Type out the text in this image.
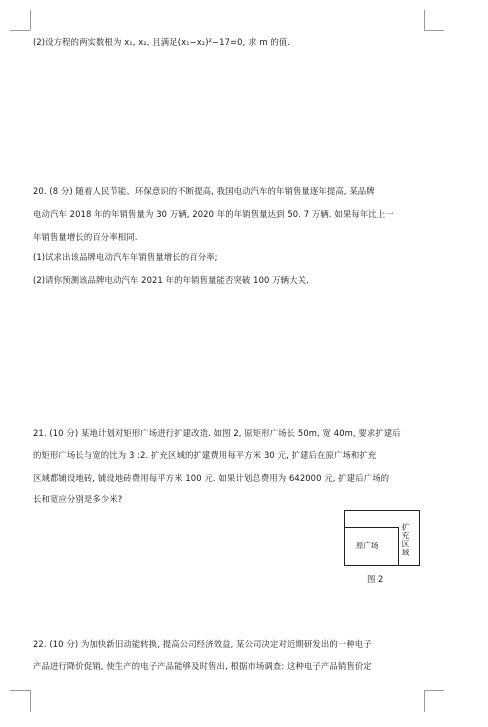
(2)设方程的两实数根为 x₁, x₂, 且满足(x₁−x₂)²−17=0, 求 m 的值.
20. (8 分) 随着人民节能、环保意识的不断提高, 我国电动汽车的年销售量逐年提高, 某品牌
电动汽车 2018 年的年销售量为 30 万辆, 2020 年的年销售量达到 50. 7 万辆. 如果每年比上一
年销售量增长的百分率相同.
(1)试求出该品牌电动汽车年销售量增长的百分率;
(2)请你预测该品牌电动汽车 2021 年的年销售量能否突破 100 万辆大关.
21. (10 分) 某地计划对矩形广场进行扩建改造. 如图 2, 原矩形广场长 50m, 宽 40m, 要求扩建后
的矩形广场长与宽的比为 3 :2. 扩充区域的扩建费用每平方米 30 元, 扩建后在原广场和扩充
区域都铺设地砖, 铺设地砖费用每平方米 100 元. 如果计划总费用为 642000 元, 扩建后广场的
长和宽应分别是多少米?
原广场	扩充区域
图 2
22. (10 分) 为加快新旧动能转换, 提高公司经济效益, 某公司决定对近期研发出的一种电子
产品进行降价促销, 使生产的电子产品能够及时售出, 根据市场调查: 这种电子产品销售价定
